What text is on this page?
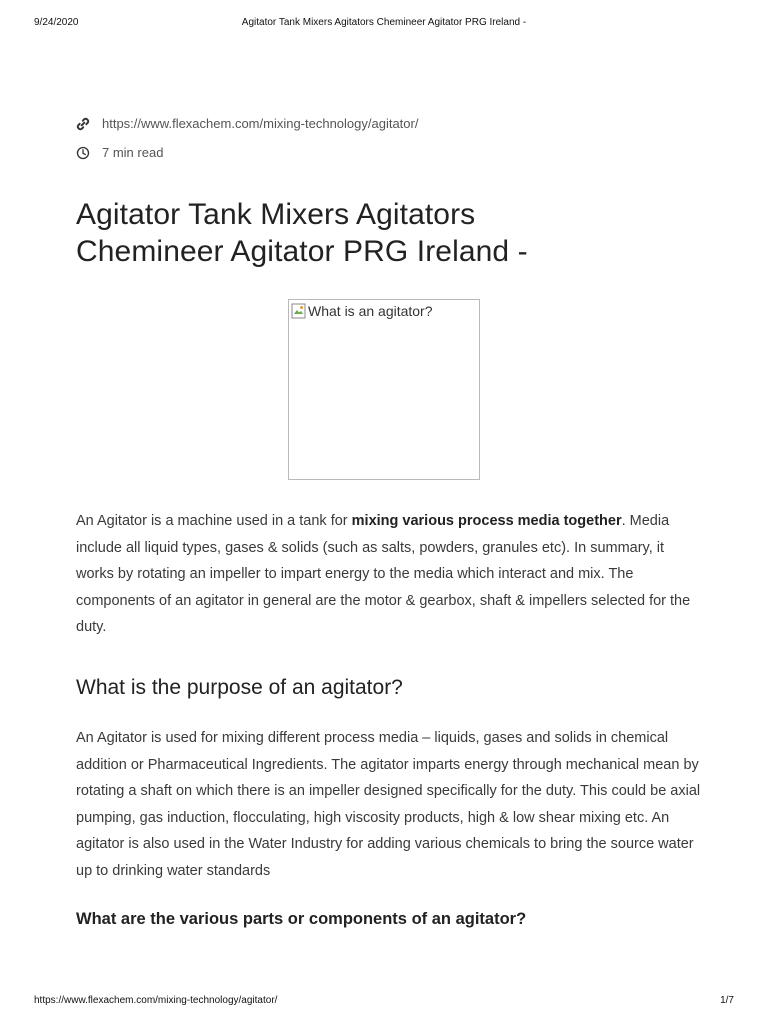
9/24/2020	Agitator Tank Mixers Agitators Chemineer Agitator PRG Ireland -
https://www.flexachem.com/mixing-technology/agitator/
7 min read
Agitator Tank Mixers Agitators
Chemineer Agitator PRG Ireland -
What is an agitator?

An Agitator is a machine used in a tank for mixing various process media together. Media include all liquid types, gases & solids (such as salts, powders, granules etc). In summary, it works by rotating an impeller to impart energy to the media which interact and mix. The components of an agitator in general are the motor & gearbox, shaft & impellers selected for the duty.

What is the purpose of an agitator?

An Agitator is used for mixing different process media – liquids, gases and solids in chemical addition or Pharmaceutical Ingredients. The agitator imparts energy through mechanical mean by rotating a shaft on which there is an impeller designed specifically for the duty. This could be axial pumping, gas induction, flocculating, high viscosity products, high & low shear mixing etc. An agitator is also used in the Water Industry for adding various chemicals to bring the source water up to drinking water standards

What are the various parts or components of an agitator?
https://www.flexachem.com/mixing-technology/agitator/	1/7
